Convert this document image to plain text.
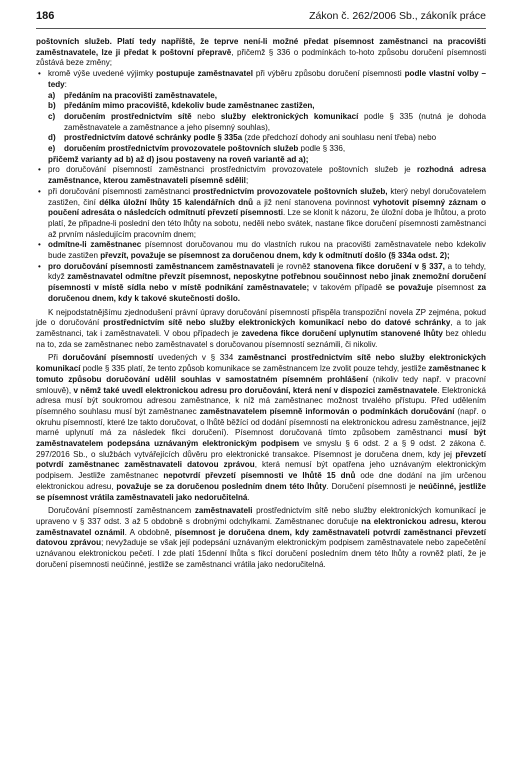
186	Zákon č. 262/2006 Sb., zákoník práce

poštovních služeb. Platí tedy napříště, že teprve není-li možné předat písemnost zaměstnanci na pracovišti zaměstnavatele, lze ji předat k poštovní přepravě, přičemž § 336 o podmínkách to-hoto způsobu doručení písemnosti zůstává beze změny;

• kromě výše uvedené výjimky postupuje zaměstnavatel při výběru způsobu doručení písemnosti podle vlastní volby – tedy:
a) předáním na pracovišti zaměstnavatele,
b) předáním mimo pracoviště, kdekoliv bude zaměstnanec zastižen,
c) doručením prostřednictvím sítě nebo služby elektronických komunikací podle § 335 (nutná je dohoda zaměstnavatele a zaměstnance a jeho písemný souhlas),
d) prostřednictvím datové schránky podle § 335a (zde předchozí dohody ani souhlasu není třeba) nebo
e) doručením prostřednictvím provozovatele poštovních služeb podle § 336,
přičemž varianty ad b) až d) jsou postaveny na roveň variantě ad a);
• pro doručování písemností zaměstnanci prostřednictvím provozovatele poštovních služeb je rozhodná adresa zaměstnance, kterou zaměstnavateli písemně sdělil;
• při doručování písemnosti zaměstnanci prostřednictvím provozovatele poštovních služeb, který nebyl doručovatelem zastižen, činí délka úložní lhůty 15 kalendářních dnů a již není stanovena povinnost vyhotovit písemný záznam o poučení adresáta o následcích odmítnutí převzetí písemnosti. Lze se klonit k názoru, že úložní doba je lhůtou, a proto platí, že připadne-li poslední den této lhůty na sobotu, neděli nebo svátek, nastane fikce doručení písemnosti zaměstnanci až prvním následujícím pracovním dnem;
• odmítne-li zaměstnanec písemnost doručovanou mu do vlastních rukou na pracovišti zaměstnavatele nebo kdekoliv bude zastižen převzít, považuje se písemnost za doručenou dnem, kdy k odmítnutí došlo (§ 334a odst. 2);
• pro doručování písemnosti zaměstnancem zaměstnavateli je rovněž stanovena fikce doručení v § 337, a to tehdy, když zaměstnavatel odmítne převzít písemnost, neposkytne potřebnou součinnost nebo jinak znemožní doručení písemnosti v místě sídla nebo v místě podnikání zaměstnavatele; v takovém případě se považuje písemnost za doručenou dnem, kdy k takové skutečnosti došlo.

K nejpodstatnějšímu zjednodušení právní úpravy doručování písemností přispěla transpoziční novela ZP zejména, pokud jde o doručování prostřednictvím sítě nebo služby elektronických komunikací nebo do datové schránky, a to jak zaměstnanci, tak i zaměstnavateli. V obou případech je zavedena fikce doručení uplynutím stanovené lhůty bez ohledu na to, zda se zaměstnanec nebo zaměstnavatel s doručovanou písemností seznámili, či nikoliv.

Při doručování písemností uvedených v § 334 zaměstnanci prostřednictvím sítě nebo služby elektronických komunikací podle § 335 platí, že tento způsob komunikace se zaměstnancem lze zvolit pouze tehdy, jestliže zaměstnanec k tomuto způsobu doručování udělil souhlas v samostatném písemném prohlášení (nikoliv tedy např. v pracovní smlouvě), v němž také uvedl elektronickou adresu pro doručování, která není v dispozici zaměstnavatele. Elektronická adresa musí být soukromou adresou zaměstnance, k níž má zaměstnanec možnost trvalého přístupu. Před udělením písemného souhlasu musí být zaměstnanec zaměstnavatelem písemně informován o podmínkách doručování (např. o okruhu písemností, které lze takto doručovat, o lhůtě běžící od dodání písemnosti na elektronickou adresu zaměstnance, jejíž marné uplynutí má za následek fikci doručení). Písemnost doručovaná tímto způsobem zaměstnanci musí být zaměstnavatelem podepsána uznávaným elektronickým podpisem ve smyslu § 6 odst. 2 a § 9 odst. 2 zákona č. 297/2016 Sb., o službách vytvářejících důvěru pro elektronické transakce. Písemnost je doručena dnem, kdy jej převzetí potvrdí zaměstnanec zaměstnavateli datovou zprávou, která nemusí být opatřena jeho uznávaným elektronickým podpisem. Jestliže zaměstnanec nepotvrdí převzetí písemnosti ve lhůtě 15 dnů ode dne dodání na jím určenou elektronickou adresu, považuje se za doručenou posledním dnem této lhůty. Doručení písemnosti je neúčinné, jestliže se písemnost vrátila zaměstnavateli jako nedoručitelná.

Doručování písemností zaměstnancem zaměstnavateli prostřednictvím sítě nebo služby elektronických komunikací je upraveno v § 337 odst. 3 až 5 obdobně s drobnými odchylkami. Zaměstnanec doručuje na elektronickou adresu, kterou zaměstnavatel oznámil. A obdobně, písemnost je doručena dnem, kdy zaměstnavateli potvrdí zaměstnanci převzetí datovou zprávou; nevyžaduje se však její podepsání uznávaným elektronickým podpisem zaměstnavatele nebo zapečetění uznávanou elektronickou pečetí. I zde platí 15denní lhůta s fikcí doručení posledním dnem této lhůty a rovněž platí, že je doručení písemnosti neúčinné, jestliže se zaměstnanci vrátila jako nedoručitelná.
